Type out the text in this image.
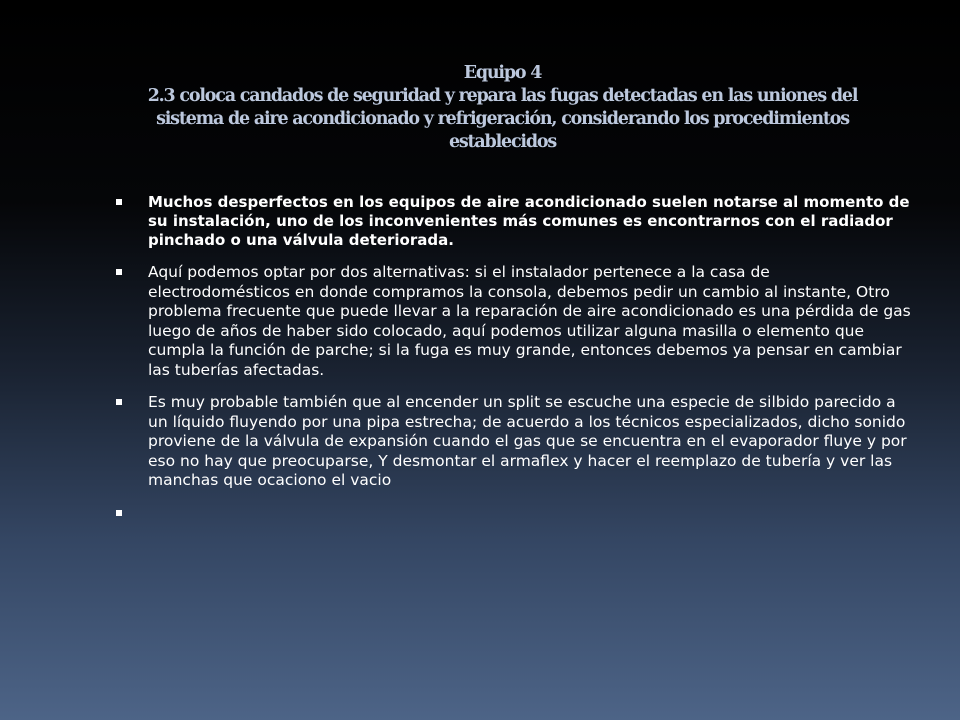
Equipo 4
2.3 coloca candados de seguridad y repara las fugas detectadas en las uniones del
sistema de aire acondicionado y refrigeración, considerando los procedimientos
establecidos
Muchos desperfectos en los equipos de aire acondicionado suelen notarse al momento de su instalación, uno de los inconvenientes más comunes es encontrarnos con el radiador pinchado o una válvula deteriorada.
Aquí podemos optar por dos alternativas: si el instalador pertenece a la casa de electrodomésticos en donde compramos la consola, debemos pedir un cambio al instante, Otro problema frecuente que puede llevar a la reparación de aire acondicionado es una pérdida de gas luego de años de haber sido colocado, aquí podemos utilizar alguna masilla o elemento que cumpla la función de parche; si la fuga es muy grande, entonces debemos ya pensar en cambiar las tuberías afectadas.
Es muy probable también que al encender un split se escuche una especie de silbido parecido a un líquido fluyendo por una pipa estrecha; de acuerdo a los técnicos especializados, dicho sonido proviene de la válvula de expansión cuando el gas que se encuentra en el evaporador fluye y por eso no hay que preocuparse, Y desmontar el armaflex y hacer el reemplazo de tubería y ver las manchas que ocaciono el vacio
